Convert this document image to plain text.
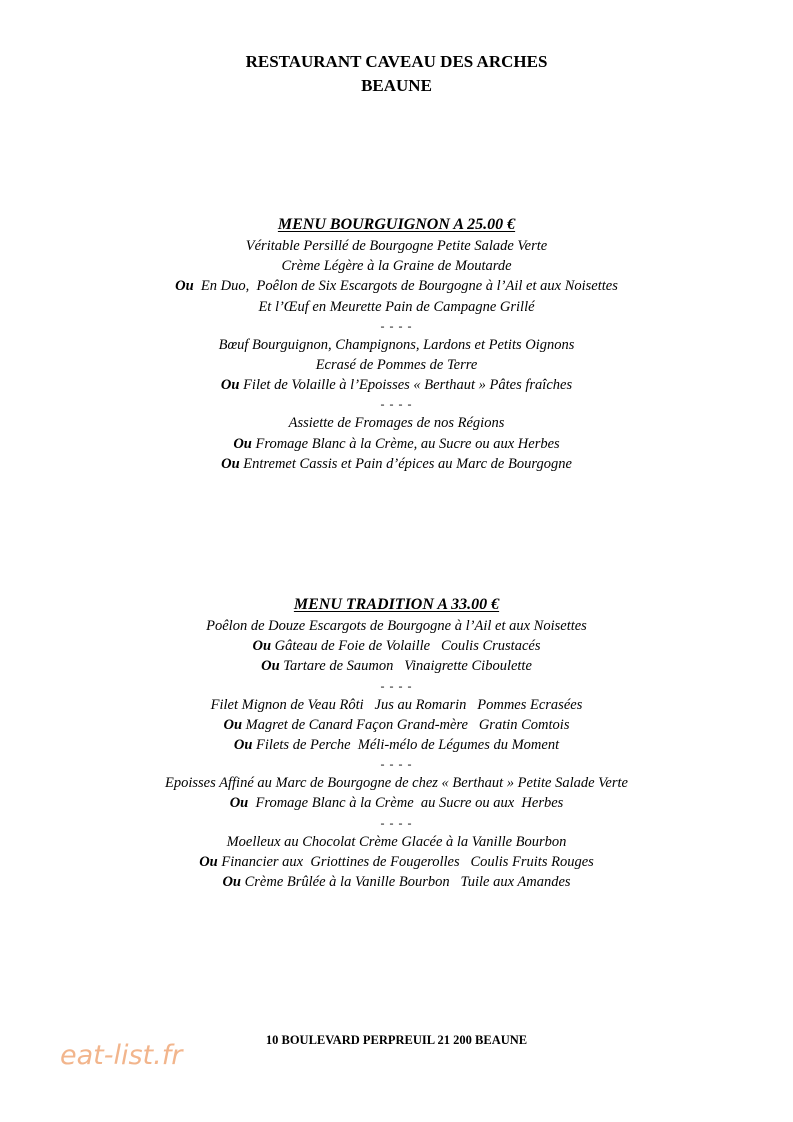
RESTAURANT CAVEAU DES ARCHES
BEAUNE
MENU BOURGUIGNON A 25.00 €
Véritable Persillé de Bourgogne Petite Salade Verte
Crème Légère à la Graine de Moutarde
Ou  En Duo,  Poêlon de Six Escargots de Bourgogne à l’Ail et aux Noisettes
Et l’Œuf en Meurette Pain de Campagne Grillé
- - - -
Bœuf Bourguignon, Champignons, Lardons et Petits Oignons
Ecrasé de Pommes de Terre
Ou Filet de Volaille à l’Epoisses « Berthaut » Pâtes fraîches
- - - -
Assiette de Fromages de nos Régions
Ou Fromage Blanc à la Crème, au Sucre ou aux Herbes
Ou Entremet Cassis et Pain d’épices au Marc de Bourgogne
MENU TRADITION A 33.00 €
Poêlon de Douze Escargots de Bourgogne à l’Ail et aux Noisettes
Ou Gâteau de Foie de Volaille   Coulis Crustacés
Ou Tartare de Saumon   Vinaigrette Ciboulette
- - - -
Filet Mignon de Veau Rôti   Jus au Romarin   Pommes Ecrasées
Ou Magret de Canard Façon Grand-mère   Gratin Comtois
Ou Filets de Perche  Méli-mélo de Légumes du Moment
- - - -
Epoisses Affiné au Marc de Bourgogne de chez « Berthaut » Petite Salade Verte
Ou  Fromage Blanc à la Crème  au Sucre ou aux  Herbes
- - - -
Moelleux au Chocolat Crème Glacée à la Vanille Bourbon
Ou Financier aux  Griottines de Fougerolles   Coulis Fruits Rouges
Ou Crème Brûlée à la Vanille Bourbon   Tuile aux Amandes
10 BOULEVARD PERPREUIL 21 200 BEAUNE
eat-list.fr
